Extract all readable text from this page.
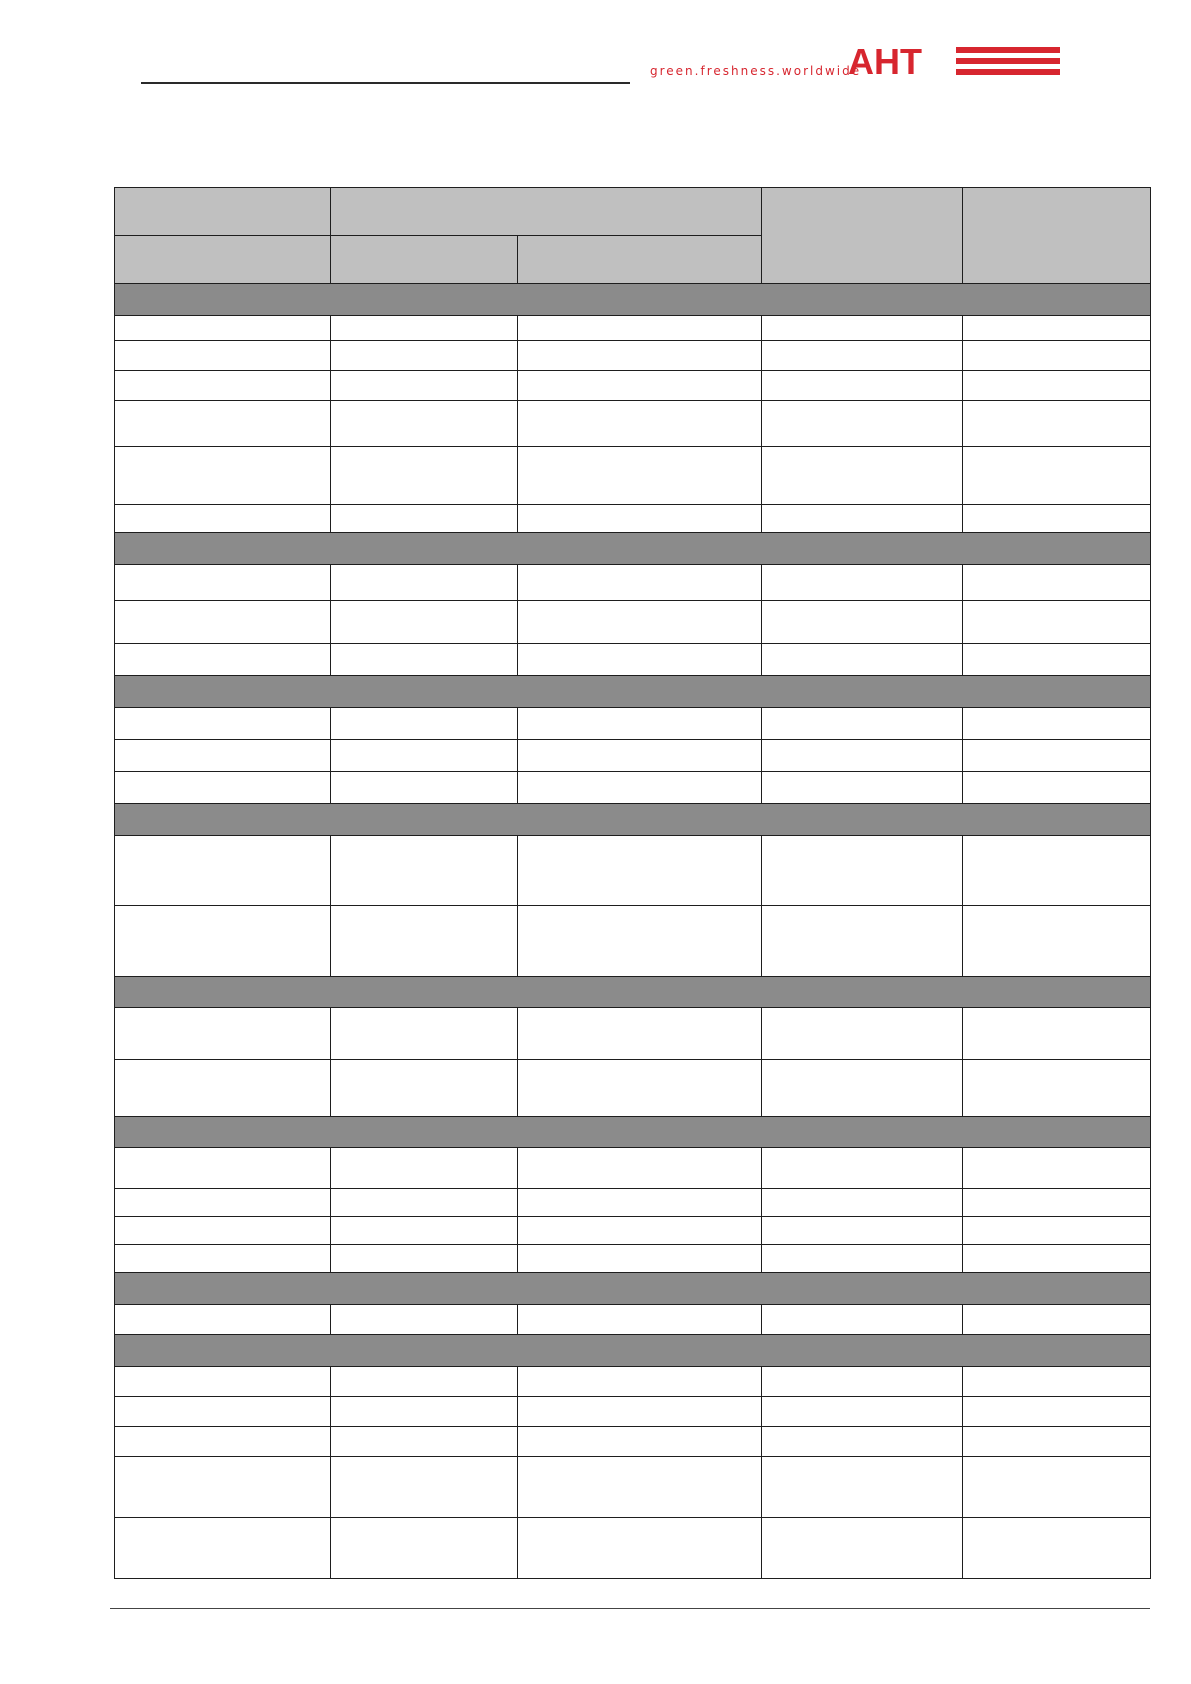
green.freshness.worldwide
AHT
